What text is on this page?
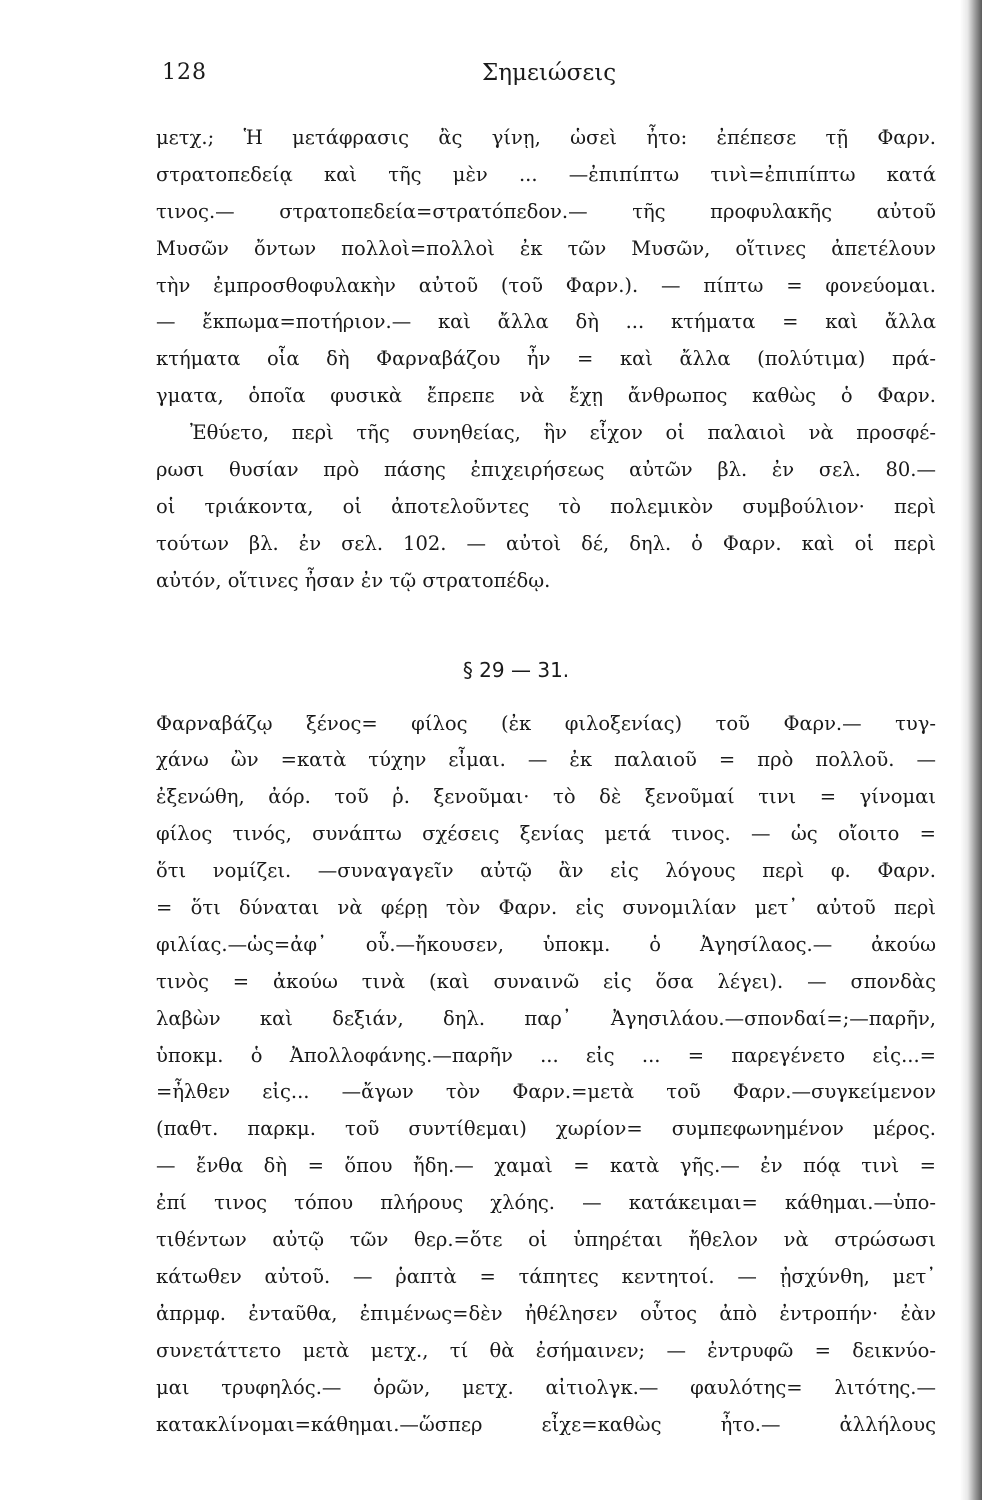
128	Σημειώσεις
μετχ.; Ἡ μετάφρασις ἂς γίνῃ, ὡσεὶ ἦτο: ἐπέπεσε τῇ Φαρν.
στρατοπεδείᾳ καὶ τῆς μὲν ... —ἐπιπίπτω τινὶ=ἐπιπίπτω κατά
τινος.— στρατοπεδεία=στρατόπεδον.— τῆς προφυλακῆς αὐτοῦ
Μυσῶν ὄντων πολλοὶ=πολλοὶ ἐκ τῶν Μυσῶν, οἵτινες ἀπετέλουν
τὴν ἐμπροσθοφυλακὴν αὐτοῦ (τοῦ Φαρν.). — πίπτω = φονεύομαι.
— ἔκπωμα=ποτήριον.— καὶ ἄλλα δὴ ... κτήματα = καὶ ἄλλα
κτήματα οἷα δὴ Φαρναβάζου ἦν = καὶ ἄλλα (πολύτιμα) πρά-
γματα, ὁποῖα φυσικὰ ἔπρεπε νὰ ἔχῃ ἄνθρωπος καθὼς ὁ Φαρν.
Ἐθύετο, περὶ τῆς συνηθείας, ἣν εἶχον οἱ παλαιοὶ νὰ προσφέ-
ρωσι θυσίαν πρὸ πάσης ἐπιχειρήσεως αὐτῶν βλ. ἐν σελ. 80.—
οἱ τριάκοντα, οἱ ἀποτελοῦντες τὸ πολεμικὸν συμβούλιον· περὶ
τούτων βλ. ἐν σελ. 102. — αὐτοὶ δέ, δηλ. ὁ Φαρν. καὶ οἱ περὶ
αὐτόν, οἵτινες ἦσαν ἐν τῷ στρατοπέδῳ.
§ 29 — 31.
Φαρναβάζῳ ξένος= φίλος (ἐκ φιλοξενίας) τοῦ Φαρν.— τυγ-
χάνω ὢν =κατὰ τύχην εἶμαι. — ἐκ παλαιοῦ = πρὸ πολλοῦ. —
ἐξενώθη, ἀόρ. τοῦ ῥ. ξενοῦμαι· τὸ δὲ ξενοῦμαί τινι = γίνομαι
φίλος τινός, συνάπτω σχέσεις ξενίας μετά τινος. — ὡς οἴοιτο =
ὅτι νομίζει. —συναγαγεῖν αὐτῷ ἂν εἰς λόγους περὶ φ. Φαρν.
= ὅτι δύναται νὰ φέρῃ τὸν Φαρν. εἰς συνομιλίαν μετ᾽ αὐτοῦ περὶ
φιλίας.—ὡς=ἀφ᾽ οὗ.—ἤκουσεν, ὑποκμ. ὁ Ἀγησίλαος.— ἀκούω
τινὸς = ἀκούω τινὰ (καὶ συναινῶ εἰς ὅσα λέγει). — σπονδὰς
λαβὼν καὶ δεξιάν, δηλ. παρ᾽ Ἀγησιλάου.—σπονδαί=;—παρῆν,
ὑποκμ. ὁ Ἀπολλοφάνης.—παρῆν ... εἰς ... = παρεγένετο εἰς...=
=ἦλθεν εἰς... —ἄγων τὸν Φαρν.=μετὰ τοῦ Φαρν.—συγκείμενον
(παθτ. παρκμ. τοῦ συντίθεμαι) χωρίον= συμπεφωνημένον μέρος.
— ἔνθα δὴ = ὅπου ἤδη.— χαμαὶ = κατὰ γῆς.— ἐν πόᾳ τινὶ =
ἐπί τινος τόπου πλήρους χλόης. — κατάκειμαι= κάθημαι.—ὑπο-
τιθέντων αὐτῷ τῶν θερ.=ὅτε οἱ ὑπηρέται ἤθελον νὰ στρώσωσι
κάτωθεν αὐτοῦ. — ῥαπτὰ = τάπητες κεντητοί. — ᾐσχύνθη, μετ᾽
ἀπρμφ. ἐνταῦθα, ἐπιμένως=δὲν ἠθέλησεν οὗτος ἀπὸ ἐντροπήν· ἐὰν
συνετάττετο μετὰ μετχ., τί θὰ ἐσήμαινεν; — ἐντρυφῶ = δεικνύο-
μαι τρυφηλός.— ὁρῶν, μετχ. αἰτιολγκ.— φαυλότης= λιτότης.—
κατακλίνομαι=κάθημαι.—ὥσπερ εἶχε=καθὼς ἦτο.— ἀλλήλους
